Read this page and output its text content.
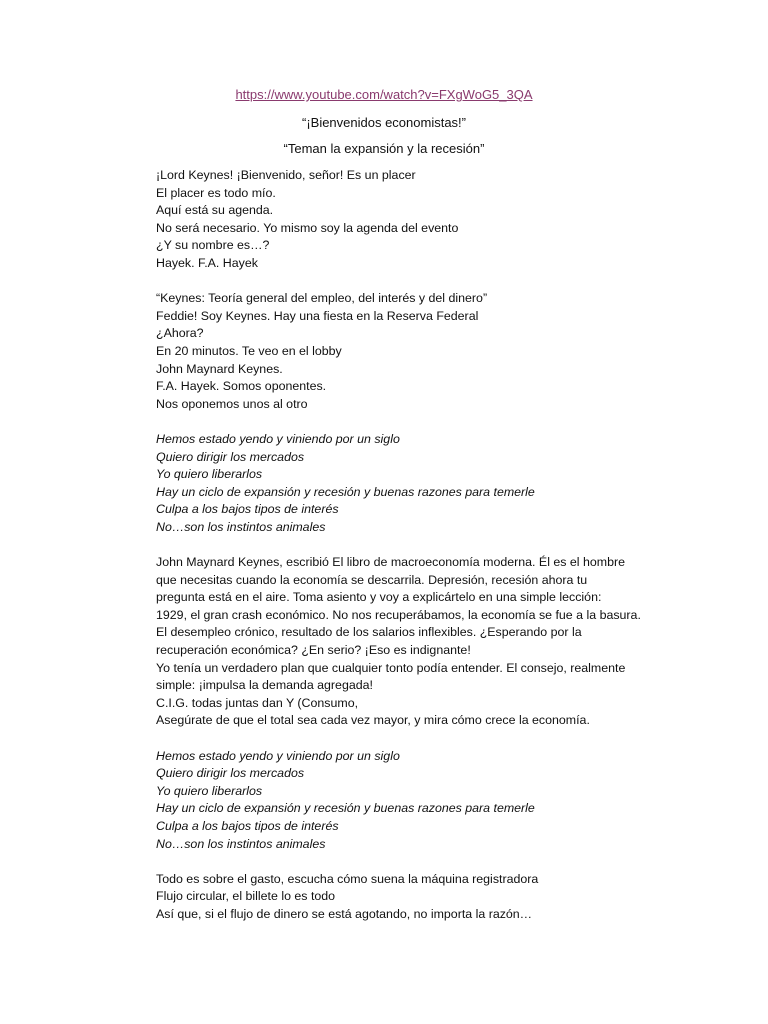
https://www.youtube.com/watch?v=FXgWoG5_3QA
“¡Bienvenidos economistas!”
“Teman la expansión y la recesión”
¡Lord Keynes! ¡Bienvenido, señor! Es un placer
El placer es todo mío.
Aquí está su agenda.
No será necesario. Yo mismo soy la agenda del evento
¿Y su nombre es…?
Hayek. F.A. Hayek
“Keynes: Teoría general del empleo, del interés y del dinero”
Feddie! Soy Keynes. Hay una fiesta en la Reserva Federal
¿Ahora?
En 20 minutos. Te veo en el lobby
John Maynard Keynes.
F.A. Hayek. Somos oponentes.
Nos oponemos unos al otro
Hemos estado yendo y viniendo por un siglo
Quiero dirigir los mercados
Yo quiero liberarlos
Hay un ciclo de expansión y recesión y buenas razones para temerle
Culpa a los bajos tipos de interés
No…son los instintos animales
John Maynard Keynes, escribió El libro de macroeconomía moderna. Él es el hombre
que necesitas cuando la economía se descarrila. Depresión, recesión ahora tu
pregunta está en el aire. Toma asiento y voy a explicártelo en una simple lección:
1929, el gran crash económico. No nos recuperábamos, la economía se fue a la basura.
El desempleo crónico, resultado de los salarios inflexibles. ¿Esperando por la
recuperación económica? ¿En serio? ¡Eso es indignante!
Yo tenía un verdadero plan que cualquier tonto podía entender. El consejo, realmente
simple: ¡impulsa la demanda agregada!
C.I.G. todas juntas dan Y (Consumo,
Asegúrate de que el total sea cada vez mayor, y mira cómo crece la economía.
Hemos estado yendo y viniendo por un siglo
Quiero dirigir los mercados
Yo quiero liberarlos
Hay un ciclo de expansión y recesión y buenas razones para temerle
Culpa a los bajos tipos de interés
No…son los instintos animales
Todo es sobre el gasto, escucha cómo suena la máquina registradora
Flujo circular, el billete lo es todo
Así que, si el flujo de dinero se está agotando, no importa la razón…
